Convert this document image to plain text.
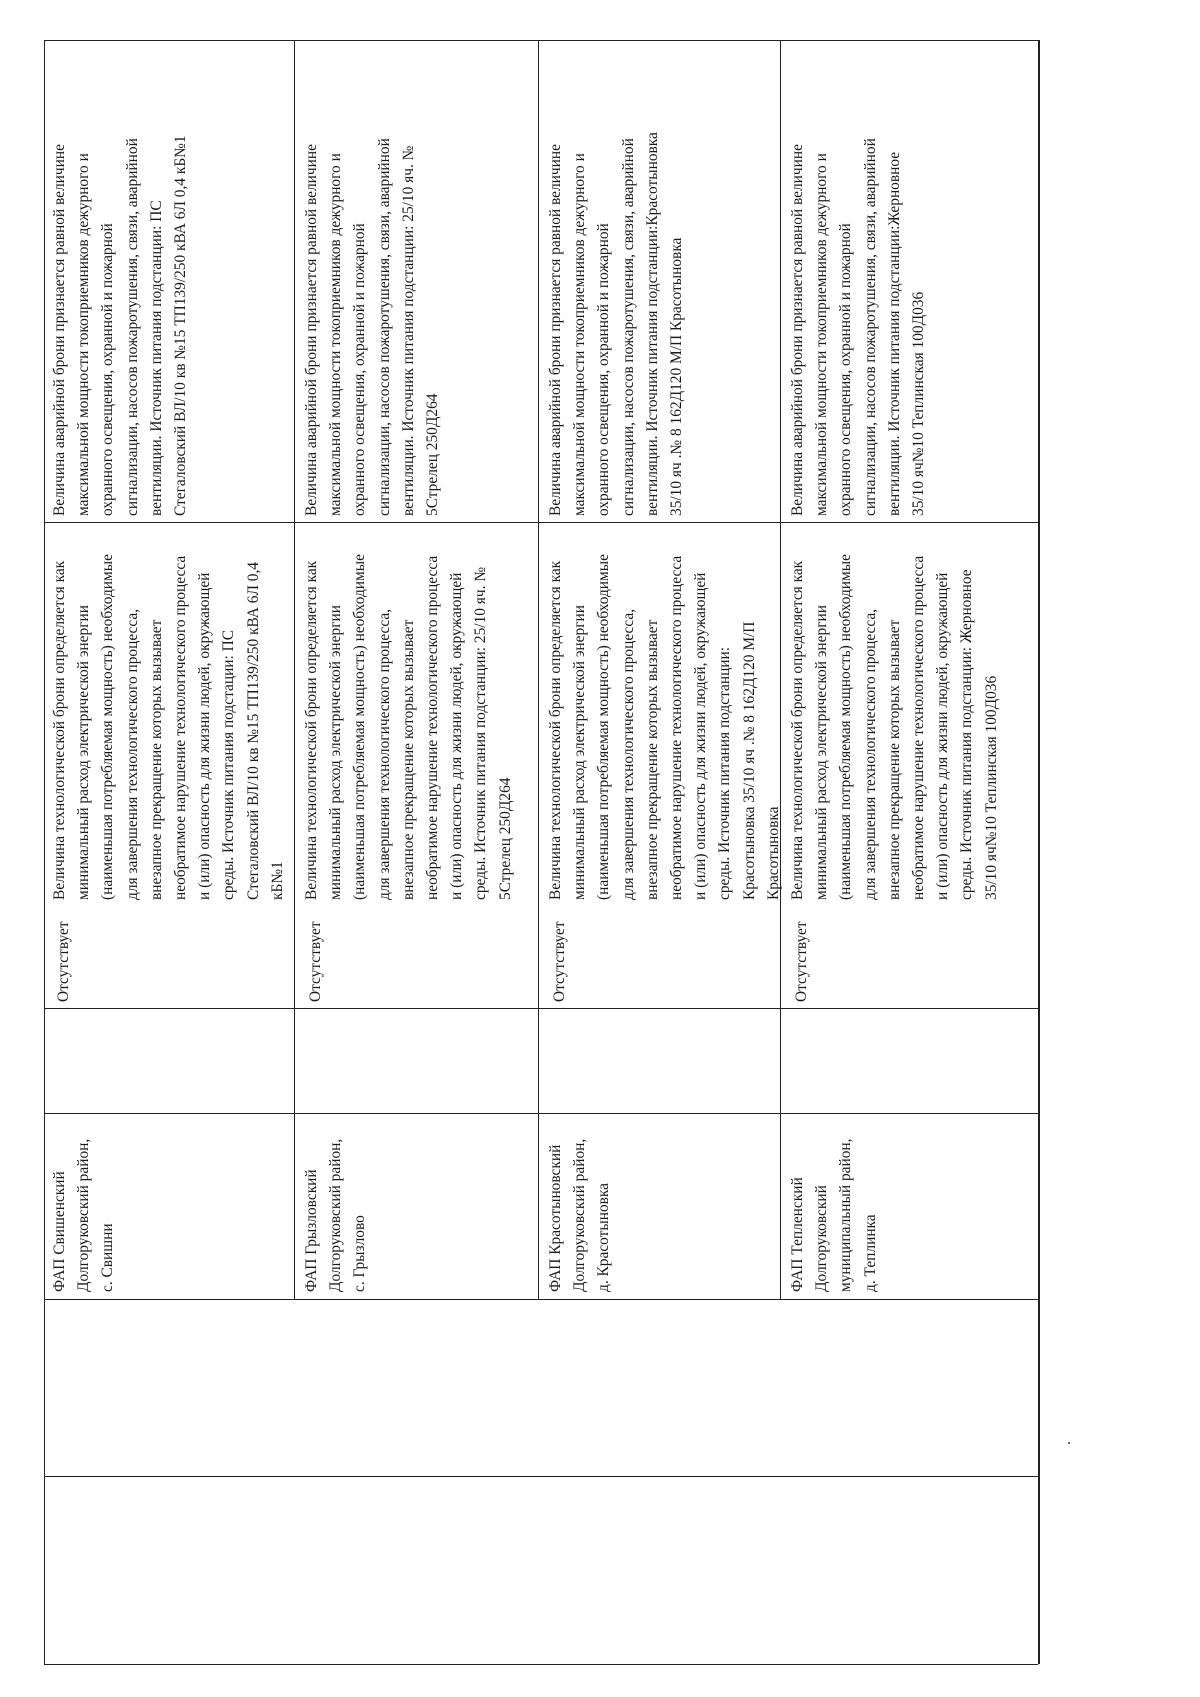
ФАП Свишенский
Долгоруковский район,
с. Свишни
Отсутствует
Величина технологической брони определяется как
минимальный расход электрической энергии
(наименьшая потребляемая мощность) необходимые
для завершения технологического процесса,
внезапное прекращение которых вызывает
необратимое нарушение технологического процесса
и (или) опасность для жизни людей, окружающей
среды. Источник питания подстации: ПС
Стегаловский ВЛ/10 кв №15 ТП139/250 кВА 6Л 0,4
кБ№1
Величина аварийной брони признается равной величине
максимальной мощности токоприемников дежурного и
охранного освещения, охранной и пожарной
сигнализации, насосов пожаротушения, связи, аварийной
вентиляции. Источник питания подстанции: ПС
Стегаловский ВЛ/10 кв №15 ТП139/250 кВА 6Л 0,4 кБ№1
ФАП Грызловский
Долгоруковский район,
с. Грызлово
Отсутствует
Величина технологической брони определяется как
минимальный расход электрической энергии
(наименьшая потребляемая мощность) необходимые
для завершения технологического процесса,
внезапное прекращение которых вызывает
необратимое нарушение технологического процесса
и (или) опасность для жизни людей, окружающей
среды. Источник питания подстанции: 25/10 яч. №
5Стрелец 250Д264
Величина аварийной брони признается равной величине
максимальной мощности токоприемников дежурного и
охранного освещения, охранной и пожарной
сигнализации, насосов пожаротушения, связи, аварийной
вентиляции. Источник питания подстанции: 25/10 яч. №
5Стрелец 250Д264
ФАП Красотыновский
Долгоруковский район,
д. Красотыновка
Отсутствует
Величина технологической брони определяется как
минимальный расход электрической энергии
(наименьшая потребляемая мощность) необходимые
для завершения технологического процесса,
внезапное прекращение которых вызывает
необратимое нарушение технологического процесса
и (или) опасность для жизни людей, окружающей
среды. Источник питания подстанции:
Красотыновка 35/10 яч .№ 8 162Д120 М/П
Красотыновка
Величина аварийной брони признается равной величине
максимальной мощности токоприемников дежурного и
охранного освещения, охранной и пожарной
сигнализации, насосов пожаротушения, связи, аварийной
вентиляции. Источник питания подстанции:Красотыновка
35/10 яч .№ 8 162Д120 М/П Красотыновка
ФАП Тепленский
Долгоруковский
муниципальный район,
д. Теплинка
Отсутствует
Величина технологической брони определяется как
минимальный расход электрической энергии
(наименьшая потребляемая мощность) необходимые
для завершения технологического процесса,
внезапное прекращение которых вызывает
необратимое нарушение технологического процесса
и (или) опасность для жизни людей, окружающей
среды. Источник питания подстанции: Жерновное
35/10 яч№10 Теплинская 100Д036
Величина аварийной брони признается равной величине
максимальной мощности токоприемников дежурного и
охранного освещения, охранной и пожарной
сигнализации, насосов пожаротушения, связи, аварийной
вентиляции. Источник питания подстанции:Жерновное
35/10 яч№10 Теплинская 100Д036
